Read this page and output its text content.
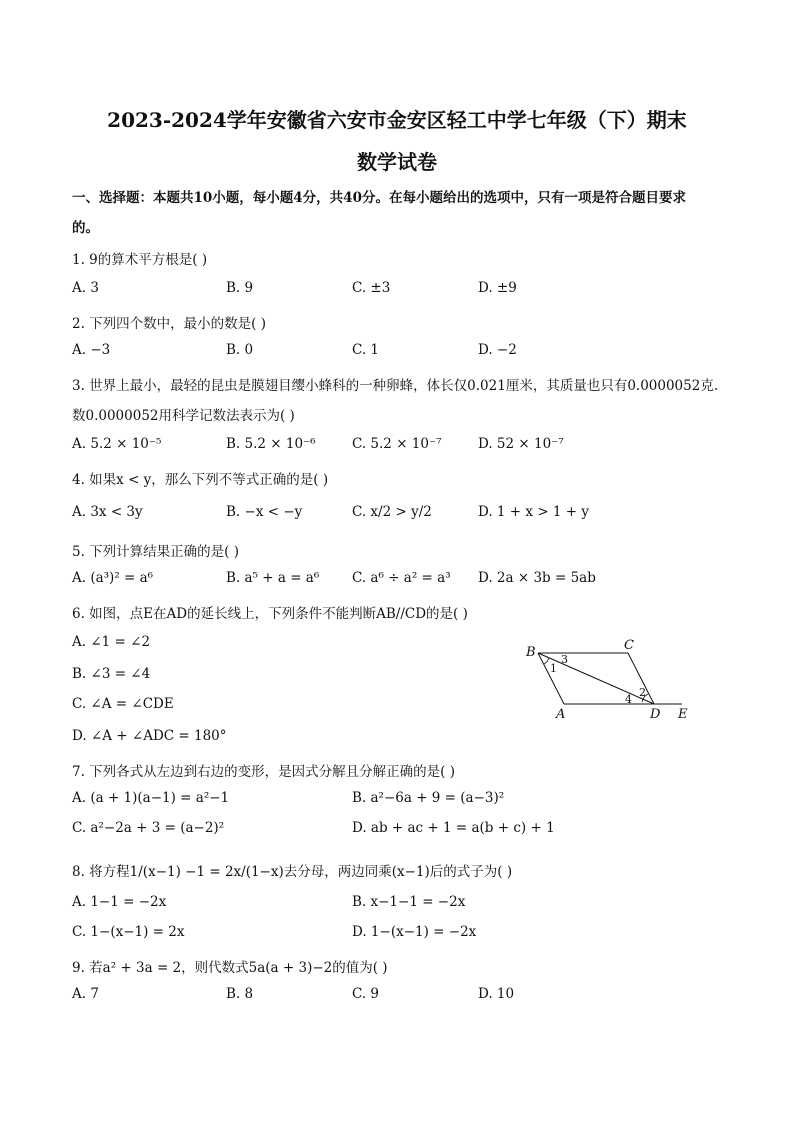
2023-2024学年安徽省六安市金安区轻工中学七年级（下）期末
数学试卷
一、选择题：本题共10小题，每小题4分，共40分。在每小题给出的选项中，只有一项是符合题目要求
的。
1. 9的算术平方根是( )
A. 3	B. 9	C. ±3	D. ±9
2. 下列四个数中，最小的数是( )
A. −3	B. 0	C. 1	D. −2
3. 世界上最小，最轻的昆虫是膜翅目缨小蜂科的一种卵蜂，体长仅0.021厘米，其质量也只有0.0000052克.
数0.0000052用科学记数法表示为( )
A. 5.2 × 10⁻⁵	B. 5.2 × 10⁻⁶	C. 5.2 × 10⁻⁷	D. 52 × 10⁻⁷
4. 如果x < y，那么下列不等式正确的是( )
A. 3x < 3y	B. −x < −y	C. x/2 > y/2	D. 1 + x > 1 + y
5. 下列计算结果正确的是( )
A. (a³)² = a⁶	B. a⁵ + a = a⁶ C. a⁶ ÷ a² = a³ D. 2a × 3b = 5ab
6. 如图，点E在AD的延长线上，下列条件不能判断AB//CD的是( )
A. ∠1 = ∠2
B. ∠3 = ∠4
C. ∠A = ∠CDE
D. ∠A + ∠ADC = 180°
B	C
A	D E
1
2
3
4
7. 下列各式从左边到右边的变形，是因式分解且分解正确的是( )
A. (a + 1)(a−1) = a²−1	B. a²−6a + 9 = (a−3)²
C. a²−2a + 3 = (a−2)²	D. ab + ac + 1 = a(b + c) + 1
8. 将方程1/(x−1) −1 = 2x/(1−x)去分母，两边同乘(x−1)后的式子为( )
A. 1−1 = −2x	B. x−1−1 = −2x
C. 1−(x−1) = 2x	D. 1−(x−1) = −2x
9. 若a² + 3a = 2，则代数式5a(a + 3)−2的值为( )
A. 7	B. 8	C. 9	D. 10
